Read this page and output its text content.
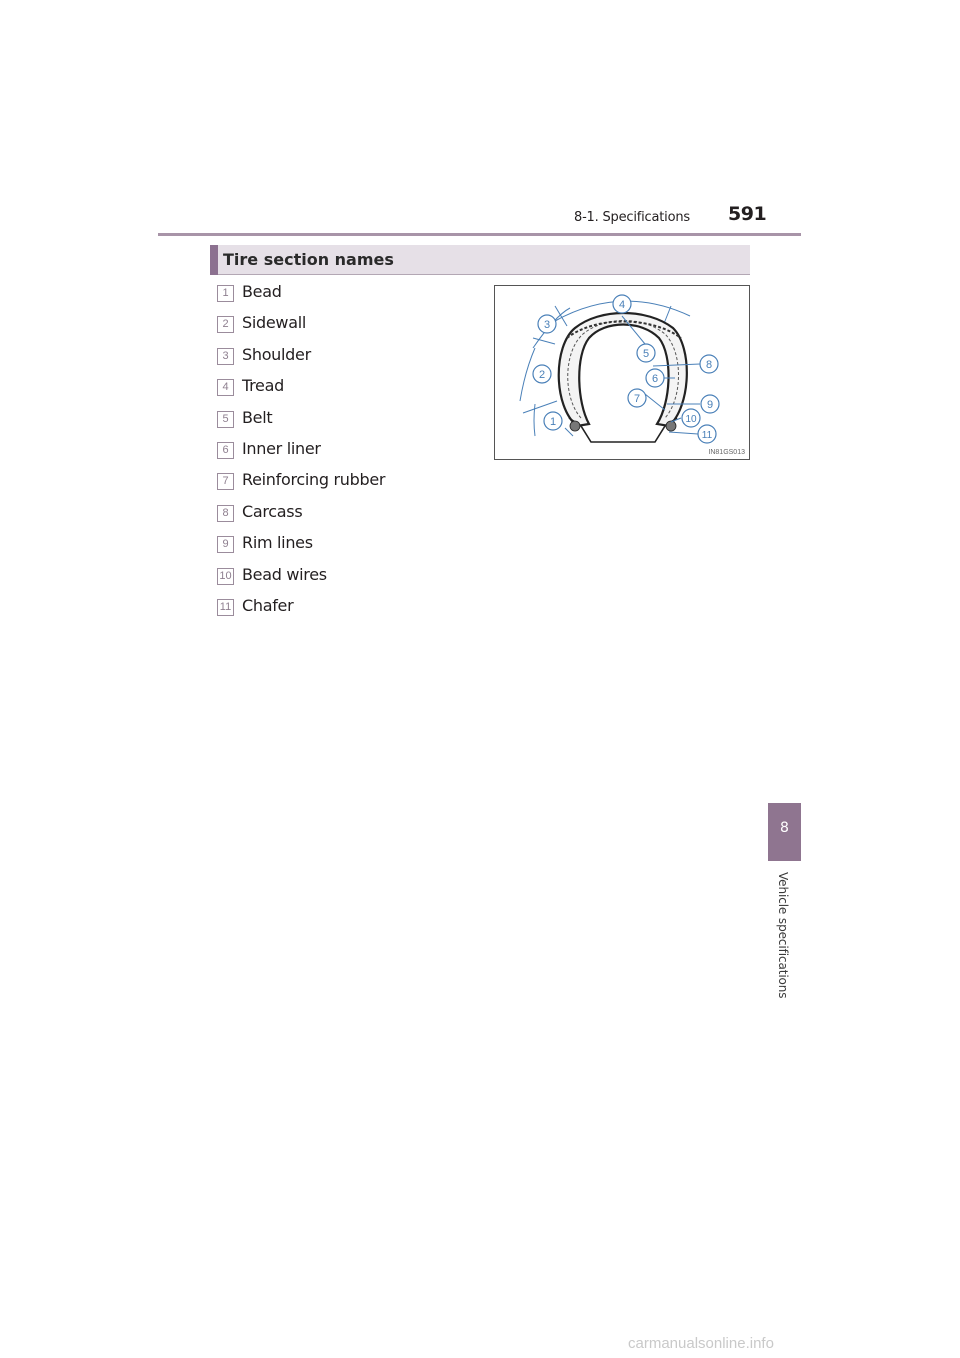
8-1. Specifications 591
Tire section names
1 Bead
2 Sidewall
3 Shoulder
4 Tread
5 Belt
6 Inner liner
7 Reinforcing rubber
8 Carcass
9 Rim lines
10 Bead wires
11 Chafer
1
2
3
4
5
6
7
8
9
10
11
IN81GS013
8
Vehicle specifications
carmanualsonline.info
